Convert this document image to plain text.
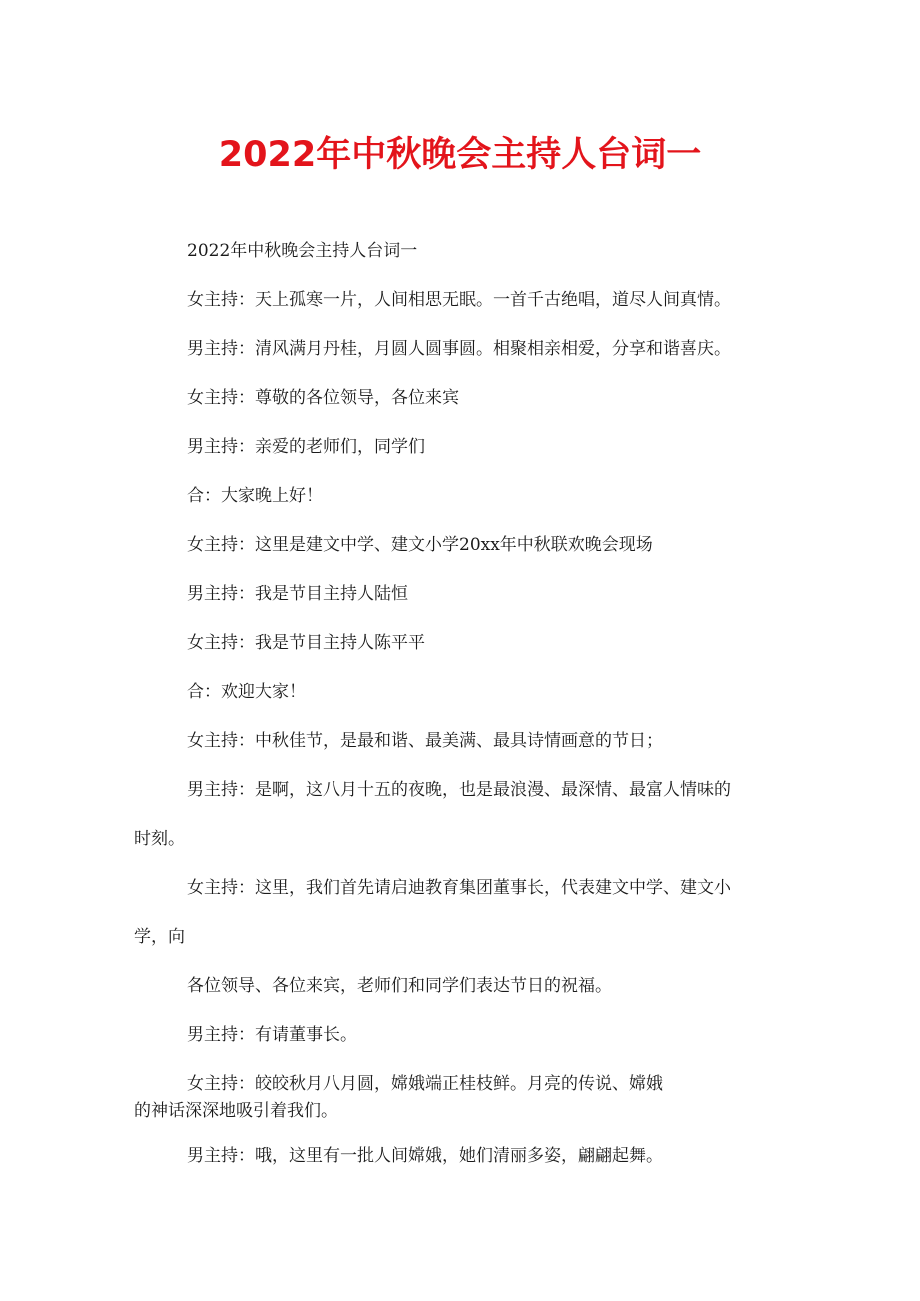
2022年中秋晚会主持人台词一
2022年中秋晚会主持人台词一
女主持：天上孤寒一片，人间相思无眠。一首千古绝唱，道尽人间真情。
男主持：清风满月丹桂，月圆人圆事圆。相聚相亲相爱，分享和谐喜庆。
女主持：尊敬的各位领导，各位来宾
男主持：亲爱的老师们，同学们
合：大家晚上好！
女主持：这里是建文中学、建文小学20xx年中秋联欢晚会现场
男主持：我是节目主持人陆恒
女主持：我是节目主持人陈平平
合：欢迎大家！
女主持：中秋佳节，是最和谐、最美满、最具诗情画意的节日；
男主持：是啊，这八月十五的夜晚，也是最浪漫、最深情、最富人情味的
时刻。
女主持：这里，我们首先请启迪教育集团董事长，代表建文中学、建文小
学，向
各位领导、各位来宾，老师们和同学们表达节日的祝福。
男主持：有请董事长。
女主持：皎皎秋月八月圆，嫦娥端正桂枝鲜。月亮的传说、嫦娥
的神话深深地吸引着我们。
男主持：哦，这里有一批人间嫦娥，她们清丽多姿，翩翩起舞。
